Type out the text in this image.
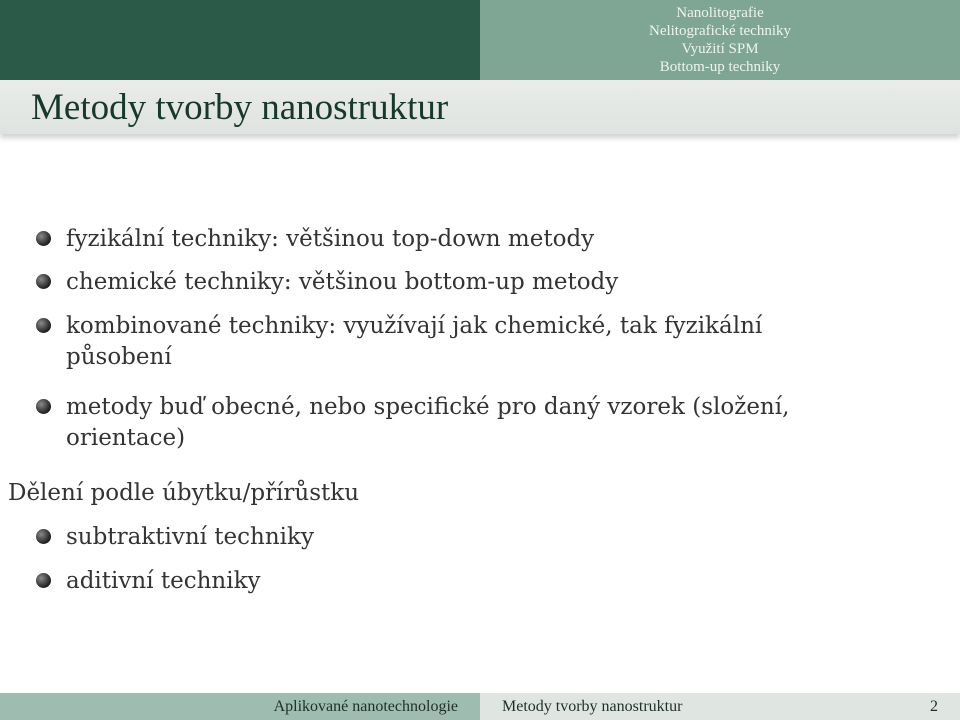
Nanolitografie
Nelitografické techniky
Využití SPM
Bottom-up techniky
Metody tvorby nanostruktur
fyzikální techniky: většinou top-down metody
chemické techniky: většinou bottom-up metody
kombinované techniky: využívají jak chemické, tak fyzikální
působení
metody buď obecné, nebo specifické pro daný vzorek (složení,
orientace)
Dělení podle úbytku/přírůstku
subtraktivní techniky
aditivní techniky
Aplikované nanotechnologie	Metody tvorby nanostruktur	2
